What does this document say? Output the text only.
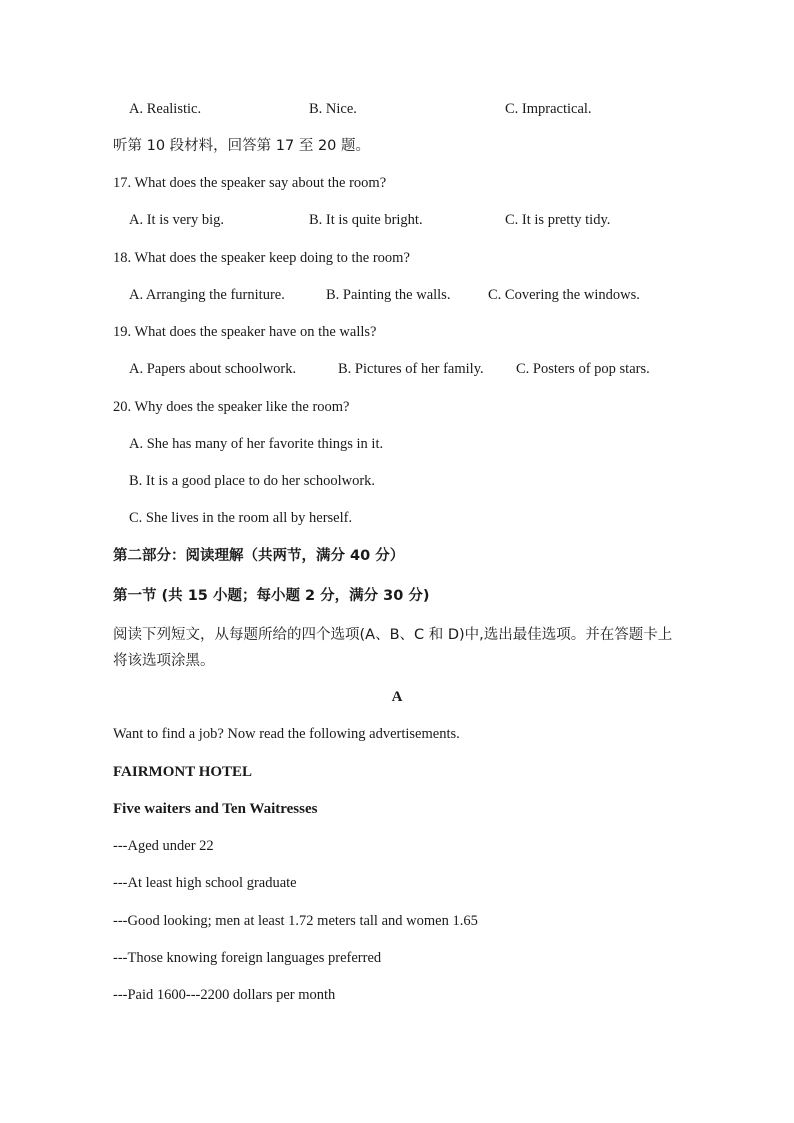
A. Realistic.	B. Nice.	C. Impractical.
听第 10 段材料，回答第 17 至 20 题。
17. What does the speaker say about the room?
A. It is very big.	B. It is quite bright.	C. It is pretty tidy.
18. What does the speaker keep doing to the room?
A. Arranging the furniture.	B. Painting the walls.	C. Covering the windows.
19. What does the speaker have on the walls?
A. Papers about schoolwork.	B. Pictures of her family. C. Posters of pop stars.
20. Why does the speaker like the room?
A. She has many of her favorite things in it.
B. It is a good place to do her schoolwork.
C. She lives in the room all by herself.
第二部分：阅读理解（共两节，满分 40 分）
第一节 (共 15 小题；每小题 2 分，满分 30 分)
阅读下列短文，从每题所给的四个选项(A、B、C 和 D)中,选出最佳选项。并在答题卡上将该选项涂黑。
A
Want to find a job? Now read the following advertisements.
FAIRMONT HOTEL
Five waiters and Ten Waitresses
---Aged under 22
---At least high school graduate
---Good looking; men at least 1.72 meters tall and women 1.65
---Those knowing foreign languages preferred
---Paid 1600---2200 dollars per month
